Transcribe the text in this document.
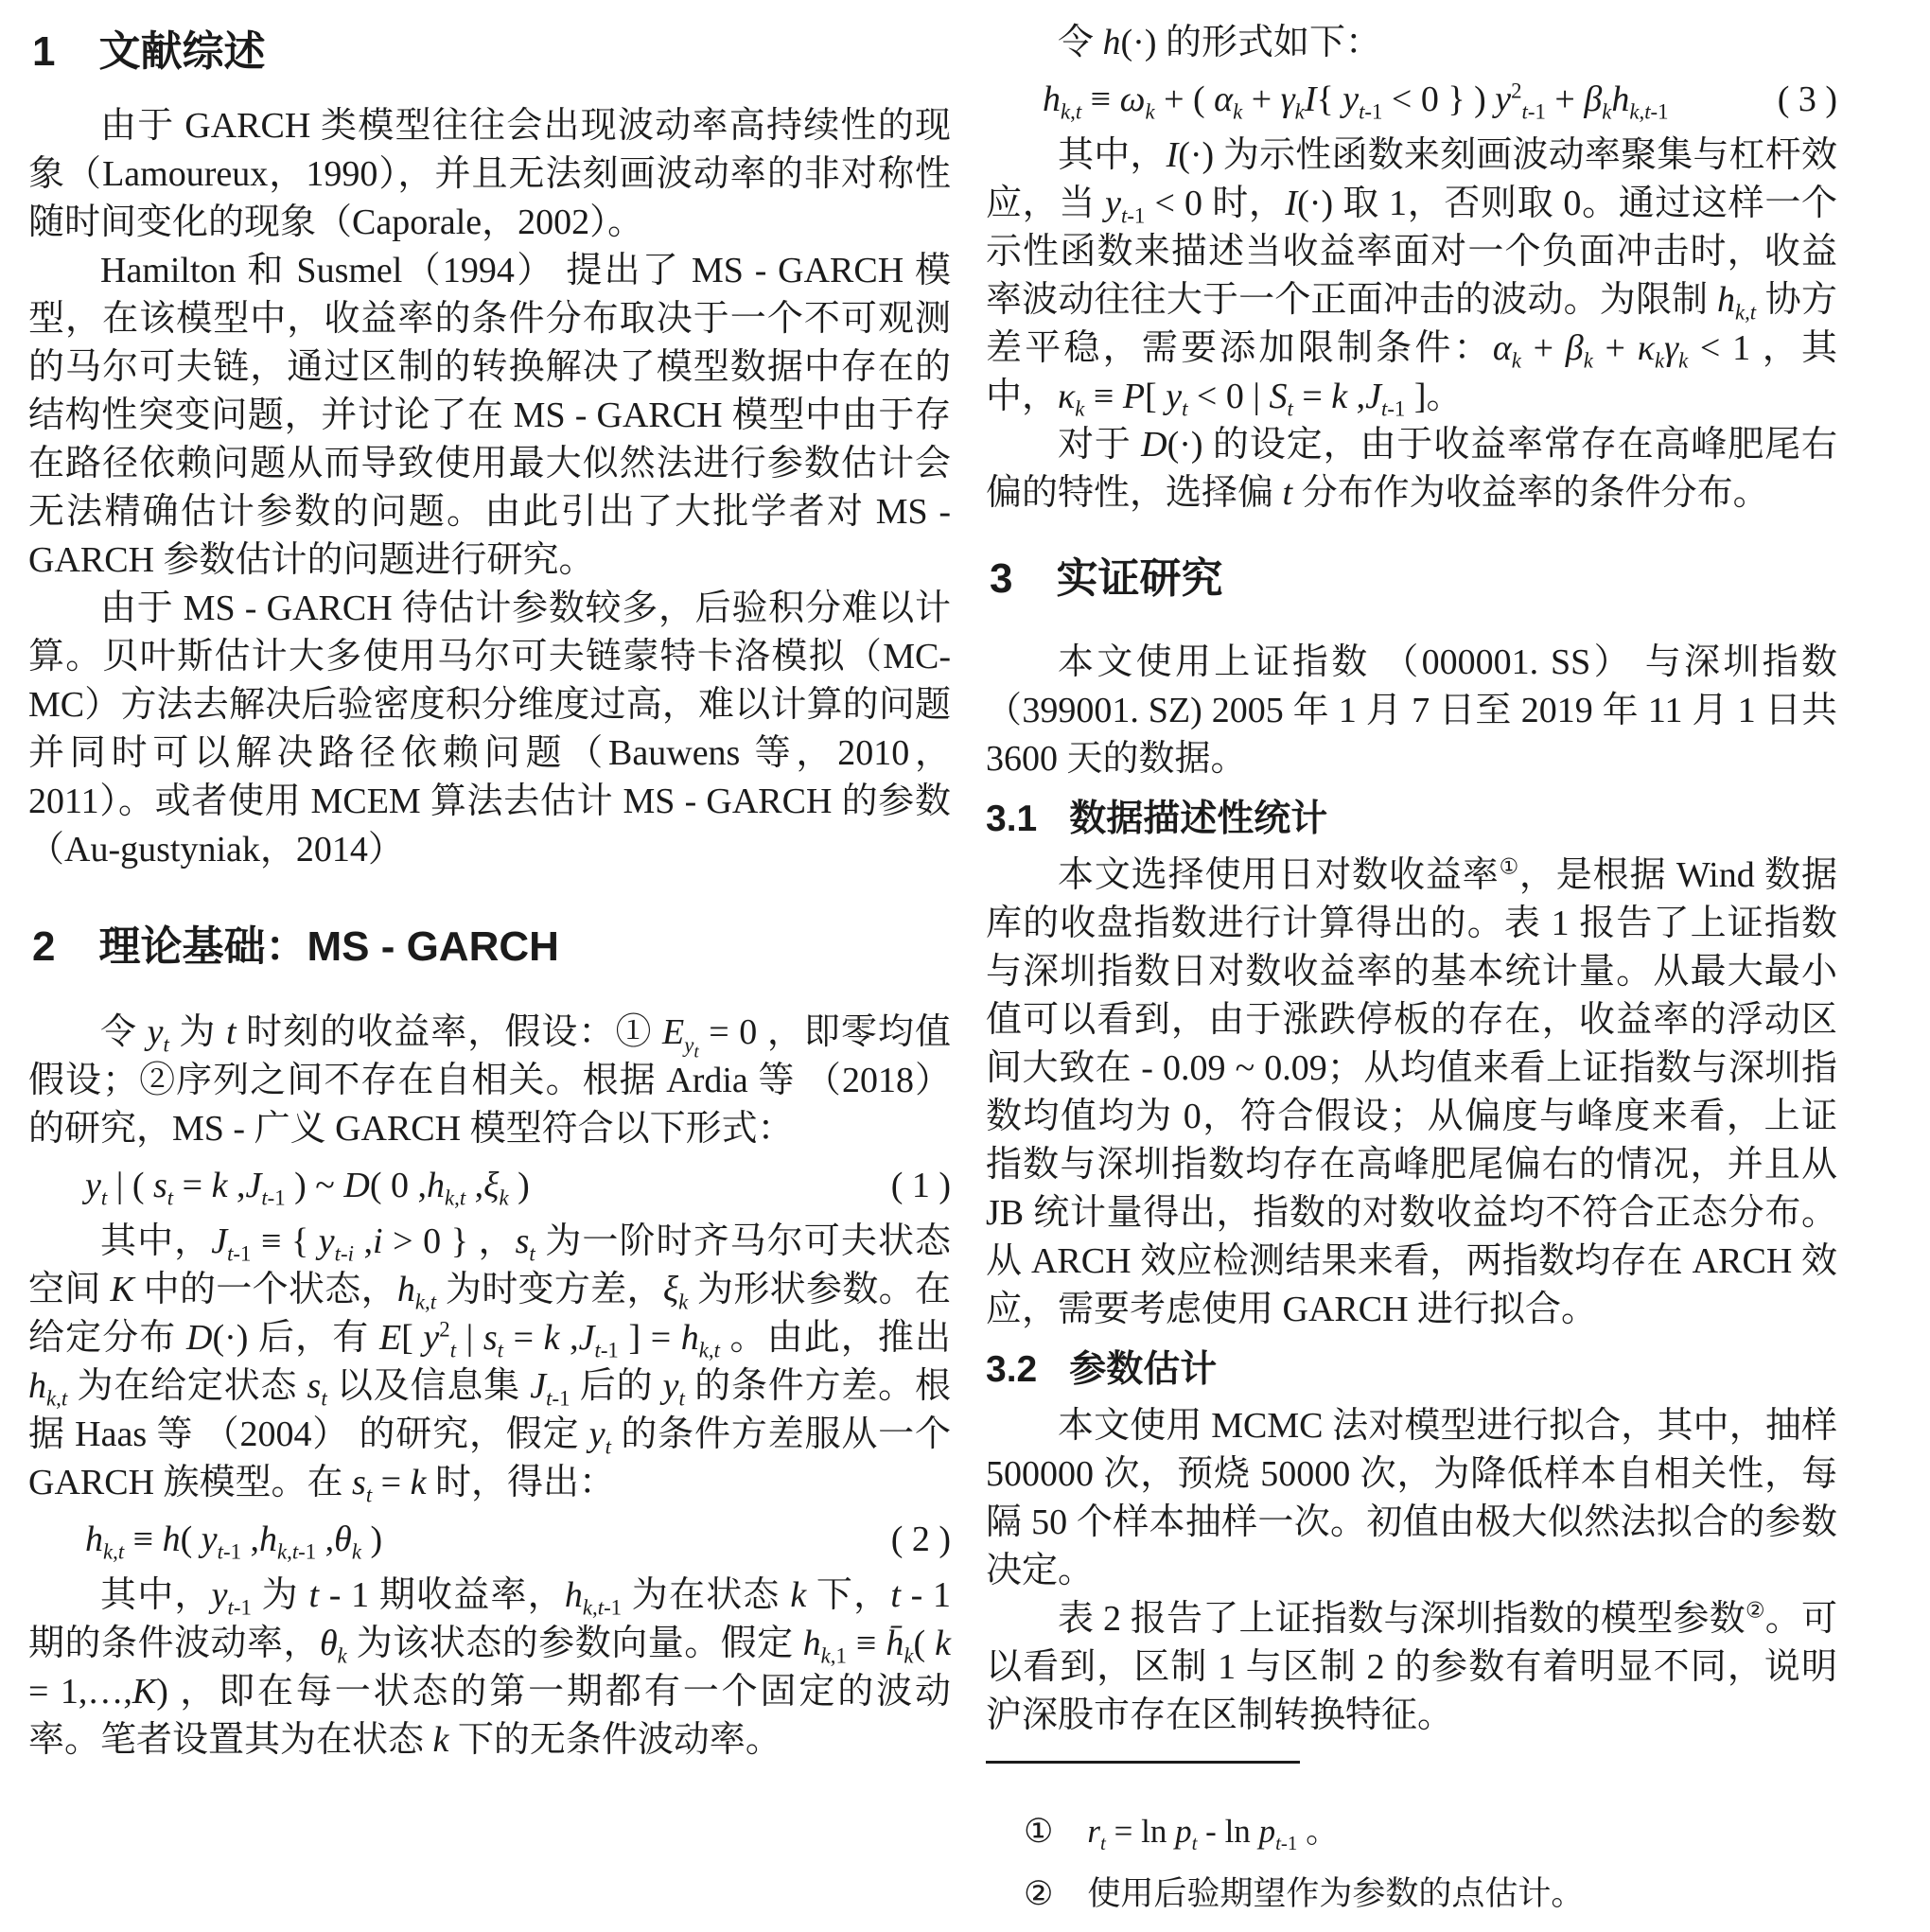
1 文献综述

由于 GARCH 类模型往往会出现波动率高持续性的现象（Lamoureux，1990），并且无法刻画波动率的非对称性随时间变化的现象（Caporale，2002）。

Hamilton 和 Susmel（1994） 提出了 MS - GARCH 模型，在该模型中，收益率的条件分布取决于一个不可观测的马尔可夫链，通过区制的转换解决了模型数据中存在的结构性突变问题，并讨论了在 MS - GARCH 模型中由于存在路径依赖问题从而导致使用最大似然法进行参数估计会无法精确估计参数的问题。由此引出了大批学者对 MS - GARCH 参数估计的问题进行研究。

由于 MS - GARCH 待估计参数较多，后验积分难以计算。贝叶斯估计大多使用马尔可夫链蒙特卡洛模拟（MC-MC）方法去解决后验密度积分维度过高，难以计算的问题并同时可以解决路径依赖问题（Bauwens 等，2010，2011）。或者使用 MCEM 算法去估计 MS - GARCH 的参数（Au-gustyniak，2014）

2 理论基础：MS - GARCH

令 $y_t$ 为 t 时刻的收益率，假设：① $E_{y_t} = 0$ ，即零均值假设；②序列之间不存在自相关。根据 Ardia 等 （2018） 的研究，MS - 广义 GARCH 模型符合以下形式：

$y_t$ | ( $s_t = k$ $,J_{t-1}$ ) ~ D( 0 $,h_{k,t}$ $,\xi_k$ )	( 1 )

其中，$J_{t-1}$ ≡ { $y_{t-i}$ ,i > 0 } ，$s_t$ 为一阶时齐马尔可夫状态空间 K 中的一个状态，$h_{k,t}$ 为时变方差，$\xi_k$ 为形状参数。在给定分布 D(·) 后，有 E[ $y^2_t$ | $s_t = k$ $,J_{t-1}$ ] = $h_{k,t}$ 。由此，推出 $h_{k,t}$ 为在给定状态 $s_t$ 以及信息集 $J_{t-1}$ 后的 $y_t$ 的条件方差。根据 Haas 等 （2004） 的研究，假定 $y_t$ 的条件方差服从一个 GARCH 族模型。在 $s_t = k$ 时，得出：

$h_{k,t} \equiv h$( $y_{t-1}$ $,h_{k,t-1}$ $,\theta_k$ )	( 2 )

其中，$y_{t-1}$ 为 t - 1 期收益率，$h_{k,t-1}$ 为在状态 k 下，t - 1 期的条件波动率，$\theta_k$ 为该状态的参数向量。假定 $h_{k,1}$ ≡ $h̄_k$( k = 1,…,K) ，即在每一状态的第一期都有一个固定的波动率。笔者设置其为在状态 k 下的无条件波动率。

令 h(·) 的形式如下：

$h_{k,t} \equiv \omega_k$ + ( $\alpha_k + \gamma_kI${ $y_{t-1} < 0$ } ) $y^2_{t-1} + \beta_kh_{k,t-1}$	( 3 )

其中，I(·) 为示性函数来刻画波动率聚集与杠杆效应，当 $y_{t-1} < 0$ 时，I(·) 取 1，否则取 0。通过这样一个示性函数来描述当收益率面对一个负面冲击时，收益率波动往往大于一个正面冲击的波动。为限制 $h_{k,t}$ 协方差平稳，需要添加限制条件：$\alpha_k + \beta_k + \kappa_k\gamma_k < 1$ ，其中，$\kappa_k \equiv P$[ $y_t < 0$ | $S_t = k$ $,J_{t-1}$ ]。

对于 D(·) 的设定，由于收益率常存在高峰肥尾右偏的特性，选择偏 t 分布作为收益率的条件分布。

3 实证研究

本文使用上证指数 （000001. SS） 与深圳指数（399001. SZ) 2005 年 1 月 7 日至 2019 年 11 月 1 日共 3600 天的数据。

3.1 数据描述性统计

本文选择使用日对数收益率①，是根据 Wind 数据库的收盘指数进行计算得出的。表 1 报告了上证指数与深圳指数日对数收益率的基本统计量。从最大最小值可以看到，由于涨跌停板的存在，收益率的浮动区间大致在 - 0.09 ~ 0.09；从均值来看上证指数与深圳指数均值均为 0，符合假设；从偏度与峰度来看，上证指数与深圳指数均存在高峰肥尾偏右的情况，并且从 JB 统计量得出，指数的对数收益均不符合正态分布。从 ARCH 效应检测结果来看，两指数均存在 ARCH 效应，需要考虑使用 GARCH 进行拟合。

3.2 参数估计

本文使用 MCMC 法对模型进行拟合，其中，抽样 500000 次，预烧 50000 次，为降低样本自相关性，每隔 50 个样本抽样一次。初值由极大似然法拟合的参数决定。

表 2 报告了上证指数与深圳指数的模型参数②。可以看到，区制 1 与区制 2 的参数有着明显不同，说明沪深股市存在区制转换特征。

① $r_t = \ln p_t - \ln p_{t-1}$ 。
② 使用后验期望作为参数的点估计。
